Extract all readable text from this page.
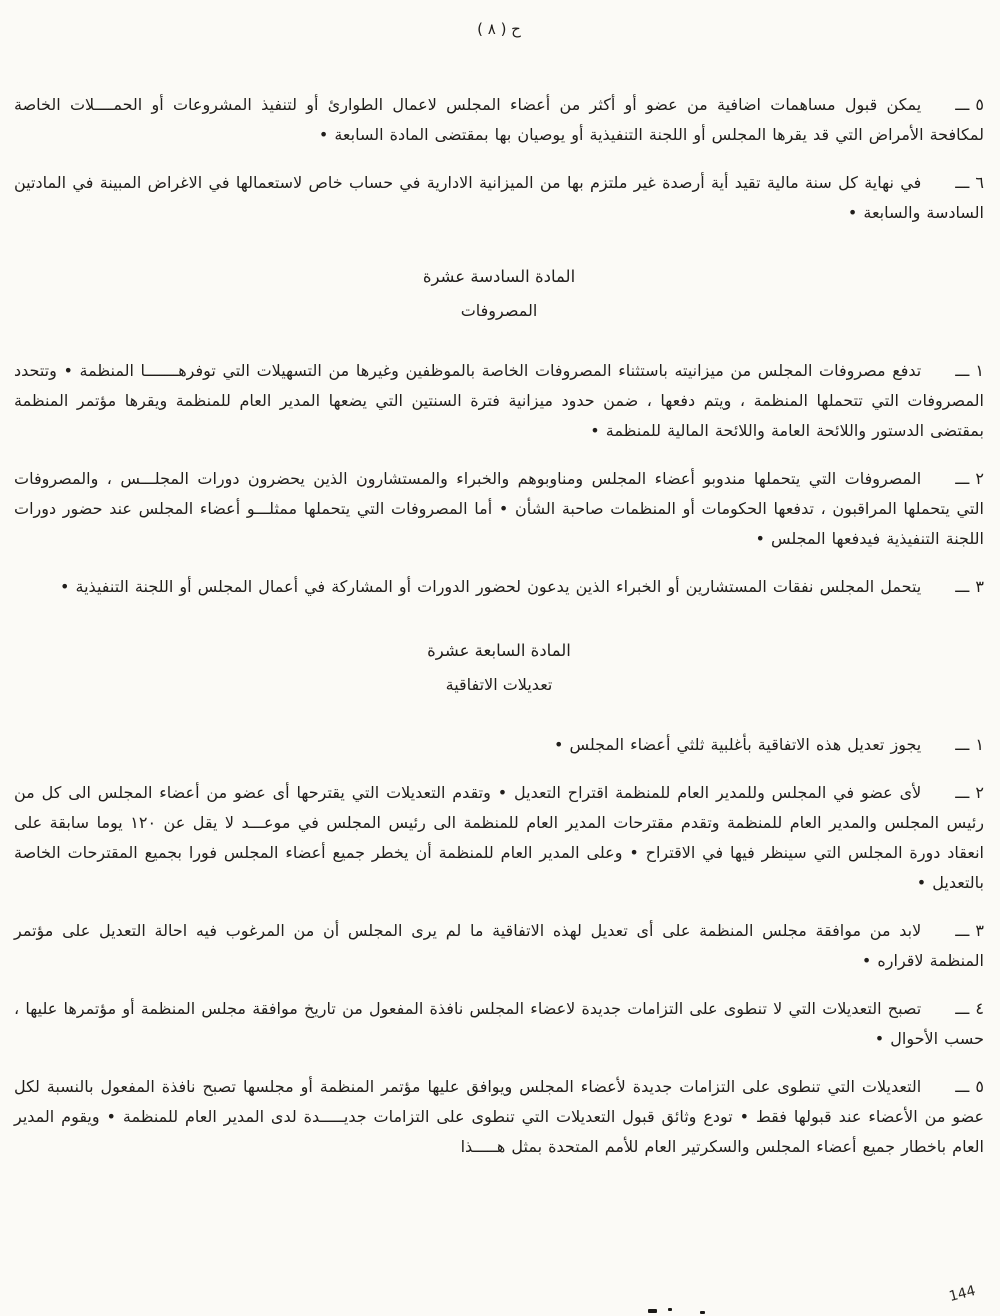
ح ( ٨ )

٥ ـــيمكن قبول مساهمات اضافية من عضو أو أكثر من أعضاء المجلس لاعمال الطوارئ أو لتنفيذ المشروعات أو الحمــــلات الخاصة لمكافحة الأمراض التي قد يقرها المجلس أو اللجنة التنفيذية أو يوصيان بها بمقتضى المادة السابعة •

٦ ـــفي نهاية كل سنة مالية تقيد أية أرصدة غير ملتزم بها من الميزانية الادارية في حساب خاص لاستعمالها في الاغراض المبينة في المادتين السادسة والسابعة •

المادة السادسة عشرة
المصروفات

١ ـــتدفع مصروفات المجلس من ميزانيته باستثناء المصروفات الخاصة بالموظفين وغيرها من التسهيلات التي توفرهـــــــا المنظمة • وتتحدد المصروفات التي تتحملها المنظمة ، ويتم دفعها ، ضمن حدود ميزانية فترة السنتين التي يضعها المدير العام للمنظمة ويقرها مؤتمر المنظمة بمقتضى الدستور واللائحة العامة واللائحة المالية للمنظمة •

٢ ـــالمصروفات التي يتحملها مندوبو أعضاء المجلس ومناوبوهم والخبراء والمستشارون الذين يحضرون دورات المجلـــس ، والمصروفات التي يتحملها المراقبون ، تدفعها الحكومات أو المنظمات صاحبة الشأن • أما المصروفات التي يتحملها ممثلـــو أعضاء المجلس عند حضور دورات اللجنة التنفيذية فيدفعها المجلس •

٣ ـــيتحمل المجلس نفقات المستشارين أو الخبراء الذين يدعون لحضور الدورات أو المشاركة في أعمال المجلس أو اللجنة التنفيذية •

المادة السابعة عشرة
تعديلات الاتفاقية

١ ـــيجوز تعديل هذه الاتفاقية بأغلبية ثلثي أعضاء المجلس •

٢ ـــلأى عضو في المجلس وللمدير العام للمنظمة اقتراح التعديل • وتقدم التعديلات التي يقترحها أى عضو من أعضاء المجلس الى كل من رئيس المجلس والمدير العام للمنظمة وتقدم مقترحات المدير العام للمنظمة الى رئيس المجلس في موعـــد لا يقل عن ١٢٠ يوما سابقة على انعقاد دورة المجلس التي سينظر فيها في الاقتراح • وعلى المدير العام للمنظمة أن يخطر جميع أعضاء المجلس فورا بجميع المقترحات الخاصة بالتعديل •

٣ ـــلابد من موافقة مجلس المنظمة على أى تعديل لهذه الاتفاقية ما لم يرى المجلس أن من المرغوب فيه احالة التعديل على مؤتمر المنظمة لاقراره •

٤ ـــتصبح التعديلات التي لا تنطوى على التزامات جديدة لاعضاء المجلس نافذة المفعول من تاريخ موافقة مجلس المنظمة أو مؤتمرها عليها ، حسب الأحوال •

٥ ـــالتعديلات التي تنطوى على التزامات جديدة لأعضاء المجلس ويوافق عليها مؤتمر المنظمة أو مجلسها تصبح نافذة المفعول بالنسبة لكل عضو من الأعضاء عند قبولها فقط • تودع وثائق قبول التعديلات التي تنطوى على التزامات جديـــــدة لدى المدير العام للمنظمة • ويقوم المدير العام باخطار جميع أعضاء المجلس والسكرتير العام للأمم المتحدة بمثل هـــــذا

144
